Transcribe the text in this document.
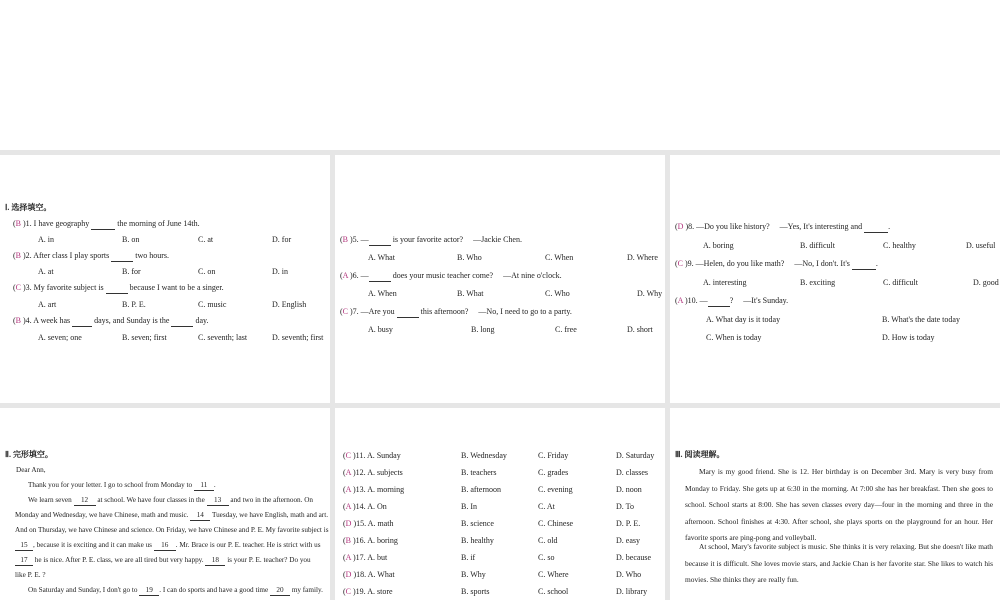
Ⅰ. 选择填空。
(B )1. I have geography	the morning of June 14th.
A. in	B. on	C. at	D. for
(B )2. After class I play sports	two hours.
A. at	B. for	C. on	D. in
(C )3. My favorite subject is	because I want to be a singer.
A. art	B. P. E.	C. music	D. English
(B )4. A week has	days, and Sunday is the	day.
A. seven; one	B. seven; first	C. seventh; last	D. seventh; first
(B )5. —	is your favorite actor?　 —Jackie Chen.
A. What	B. Who	C. When	D. Where
(A )6. —	does your music teacher come?　 —At nine o'clock.
A. When	B. What	C. Who	D. Why
(C )7. —Are you	this afternoon?　 —No, I need to go to a party.
A. busy	B. long	C. free	D. short
(D )8. —Do you like history?　 —Yes, It's interesting and	.
A. boring	B. difficult	C. healthy	D. useful
(C )9. —Helen, do you like math?　 —No, I don't. It's	.
A. interesting	B. exciting	C. difficult	D. good
(A )10. —	?　 —It's Sunday.
A. What day is it today	B. What's the date today
C. When is today	D. How is today
Ⅱ. 完形填空。
Dear Ann,
Thank you for your letter. I go to school from Monday to 11 .
We learn seven 12 at school. We have four classes in the 13 and two in the afternoon. On
Monday and Wednesday, we have Chinese, math and music. 14 Tuesday, we have English, math and art.
And on Thursday, we have Chinese and science. On Friday, we have Chinese and P. E. My favorite subject is
15 , because it is exciting and it can make us 16 . Mr. Brace is our P. E. teacher. He is strict with us
17 he is nice. After P. E. class, we are all tired but very happy. 18 is your P. E. teacher? Do you
like P. E. ?
On Saturday and Sunday, I don't go to 19 . I can do sports and have a good time 20 my family.
(C )11. A. Sunday	B. Wednesday	C. Friday	D. Saturday
(A )12. A. subjects	B. teachers	C. grades	D. classes
(A )13. A. morning	B. afternoon	C. evening	D. noon
(A )14. A. On	B. In	C. At	D. To
(D )15. A. math	B. science	C. Chinese	D. P. E.
(B )16. A. boring	B. healthy	C. old	D. easy
(A )17. A. but	B. if	C. so	D. because
(D )18. A. What	B. Why	C. Where	D. Who
(C )19. A. store	B. sports	C. school	D. library
Ⅲ. 阅读理解。
Mary is my good friend. She is 12. Her birthday is on December 3rd. Mary is very busy from Monday to Friday. She gets up at 6:30 in the morning. At 7:00 she has her breakfast. Then she goes to school. School starts at 8:00. She has seven classes every day—four in the morning and three in the afternoon. School finishes at 4:30. After school, she plays sports on the playground for an hour. Her favorite sports are ping-pong and volleyball.
At school, Mary's favorite subject is music. She thinks it is very relaxing. But she doesn't like math because it is difficult. She loves movie stars, and Jackie Chan is her favorite star. She likes to watch his movies. She thinks they are really fun.
